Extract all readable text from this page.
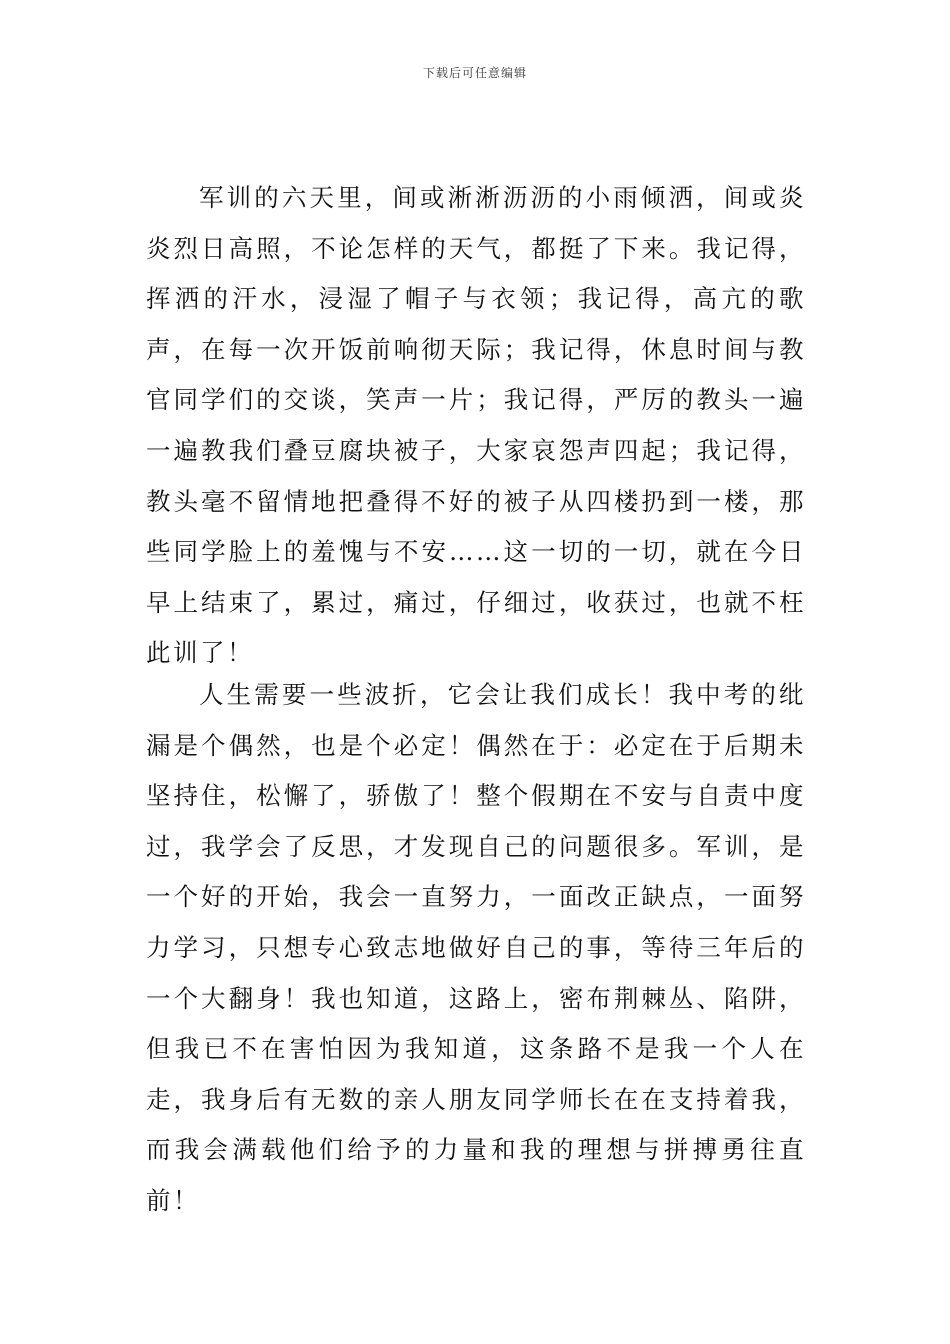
下载后可任意编辑

军训的六天里，间或淅淅沥沥的小雨倾洒，间或炎炎烈日高照，不论怎样的天气，都挺了下来。我记得，挥洒的汗水，浸湿了帽子与衣领；我记得，高亢的歌声，在每一次开饭前响彻天际；我记得，休息时间与教官同学们的交谈，笑声一片；我记得，严厉的教头一遍一遍教我们叠豆腐块被子，大家哀怨声四起；我记得，教头毫不留情地把叠得不好的被子从四楼扔到一楼，那些同学脸上的羞愧与不安……这一切的一切，就在今日早上结束了，累过，痛过，仔细过，收获过，也就不枉此训了！

人生需要一些波折，它会让我们成长！我中考的纰漏是个偶然，也是个必定！偶然在于：必定在于后期未坚持住，松懈了，骄傲了！整个假期在不安与自责中度过，我学会了反思，才发现自己的问题很多。军训，是一个好的开始，我会一直努力，一面改正缺点，一面努力学习，只想专心致志地做好自己的事，等待三年后的一个大翻身！我也知道，这路上，密布荆棘丛、陷阱，但我已不在害怕因为我知道，这条路不是我一个人在走，我身后有无数的亲人朋友同学师长在在支持着我，而我会满载他们给予的力量和我的理想与拼搏勇往直前！
